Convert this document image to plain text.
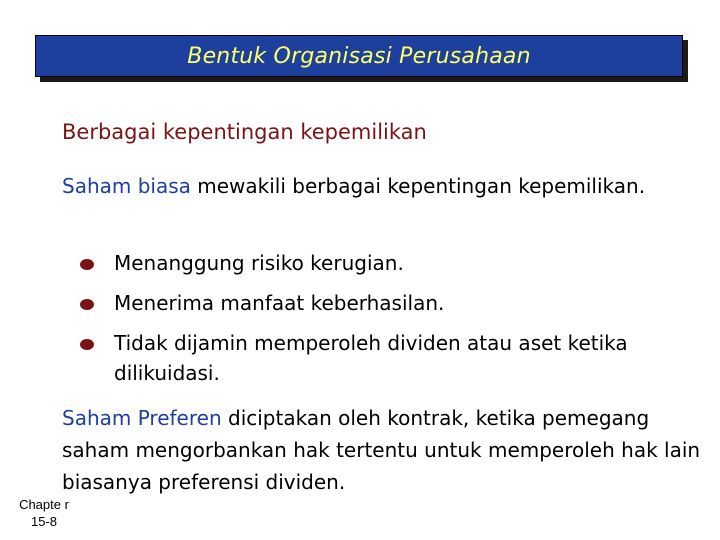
Bentuk Organisasi Perusahaan
Berbagai kepentingan kepemilikan
Saham biasa mewakili berbagai kepentingan kepemilikan.
Menanggung risiko kerugian.
Menerima manfaat keberhasilan.
Tidak dijamin memperoleh dividen atau aset ketika dilikuidasi.
Saham Preferen diciptakan oleh kontrak, ketika pemegang saham mengorbankan hak tertentu untuk memperoleh hak lain biasanya preferensi dividen.
Chapte r 15-8
